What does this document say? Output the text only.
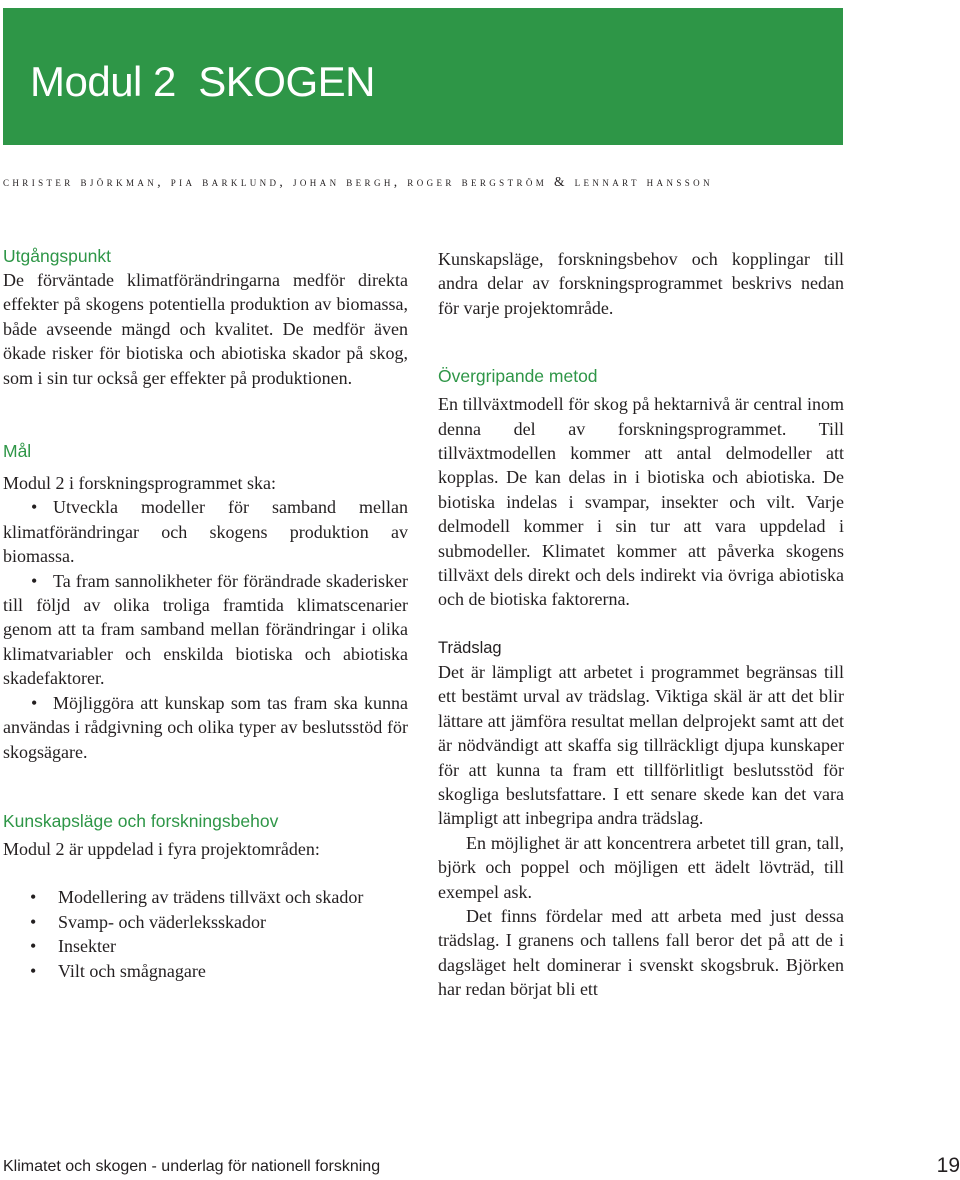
Modul 2  SKOGEN
christer björkman, pia barklund, johan bergh, roger bergström & lennart hansson
Utgångspunkt

De förväntade klimatförändringarna medför direkta effekter på skogens potentiella produktion av biomassa, både avseende mängd och kvalitet. De medför även ökade risker för biotiska och abiotiska skador på skog, som i sin tur också ger effekter på produktionen.

Mål

Modul 2 i forskningsprogrammet ska:

• Utveckla modeller för samband mellan klimatförändringar och skogens produktion av biomassa.

• Ta fram sannolikheter för förändrade skaderisker till följd av olika troliga framtida klimatscenarier genom att ta fram samband mellan förändringar i olika klimatvariabler och enskilda biotiska och abiotiska skadefaktorer.

• Möjliggöra att kunskap som tas fram ska kunna användas i rådgivning och olika typer av beslutsstöd för skogsägare.

Kunskapsläge och forskningsbehov

Modul 2 är uppdelad i fyra projektområden:

• Modellering av trädens tillväxt och skador
• Svamp- och väderleksskador
• Insekter
• Vilt och smågnagare

Kunskapsläge, forskningsbehov och kopplingar till andra delar av forskningsprogrammet beskrivs nedan för varje projektområde.

Övergripande metod

En tillväxtmodell för skog på hektarnivå är central inom denna del av forskningsprogrammet. Till tillväxtmodellen kommer att antal delmodeller att kopplas. De kan delas in i biotiska och abiotiska. De biotiska indelas i svampar, insekter och vilt. Varje delmodell kommer i sin tur att vara uppdelad i submodeller. Klimatet kommer att påverka skogens tillväxt dels direkt och dels indirekt via övriga abiotiska och de biotiska faktorerna.

Trädslag

Det är lämpligt att arbetet i programmet begränsas till ett bestämt urval av trädslag. Viktiga skäl är att det blir lättare att jämföra resultat mellan delprojekt samt att det är nödvändigt att skaffa sig tillräckligt djupa kunskaper för att kunna ta fram ett tillförlitligt beslutsstöd för skogliga beslutsfattare. I ett senare skede kan det vara lämpligt att inbegripa andra trädslag.

En möjlighet är att koncentrera arbetet till gran, tall, björk och poppel och möjligen ett ädelt lövträd, till exempel ask.

Det finns fördelar med att arbeta med just dessa trädslag. I granens och tallens fall beror det på att de i dagsläget helt dominerar i svenskt skogsbruk. Björken har redan börjat bli ett

Klimatet och skogen - underlag för nationell forskning	19
